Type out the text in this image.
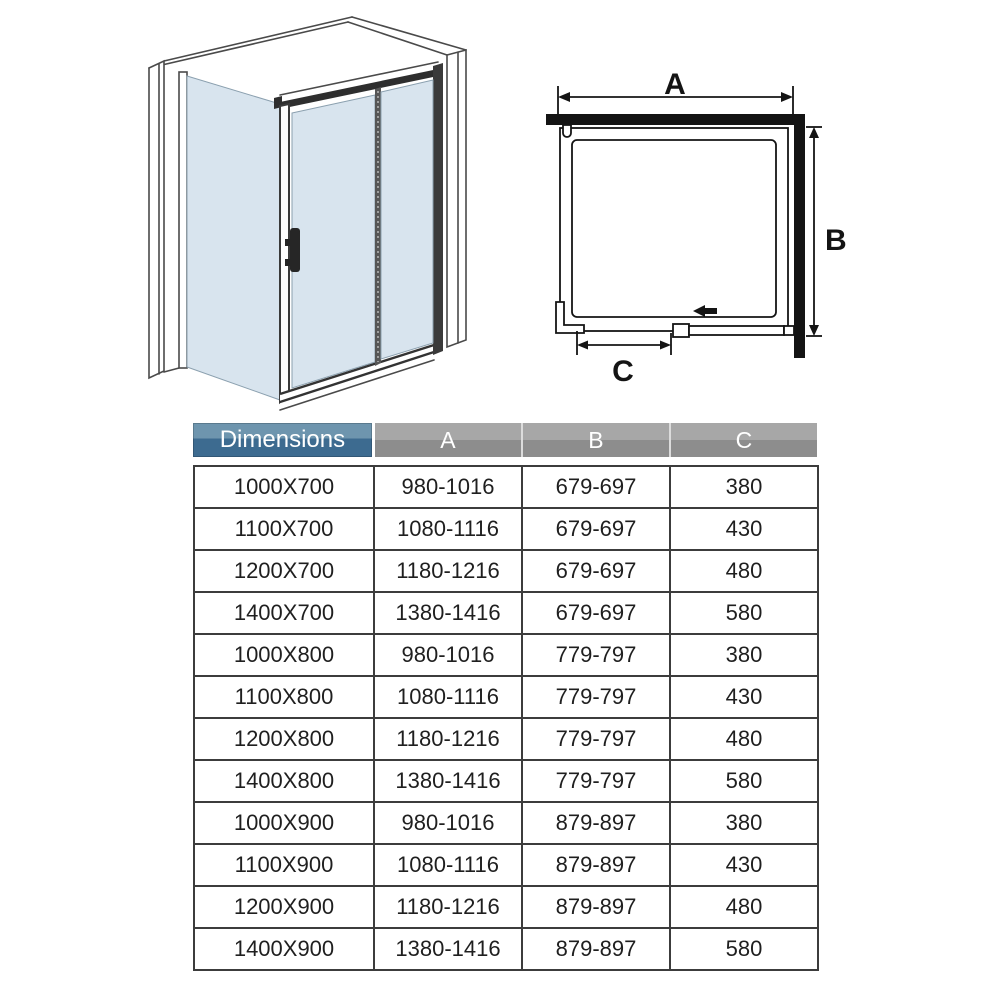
A
B
C
Dimensions	A	B	C
1000X700	980-1016	679-697	380
1100X700	1080-1116	679-697	430
1200X700	1180-1216	679-697	480
1400X700	1380-1416	679-697	580
1000X800	980-1016	779-797	380
1100X800	1080-1116	779-797	430
1200X800	1180-1216	779-797	480
1400X800	1380-1416	779-797	580
1000X900	980-1016	879-897	380
1100X900	1080-1116	879-897	430
1200X900	1180-1216	879-897	480
1400X900	1380-1416	879-897	580
